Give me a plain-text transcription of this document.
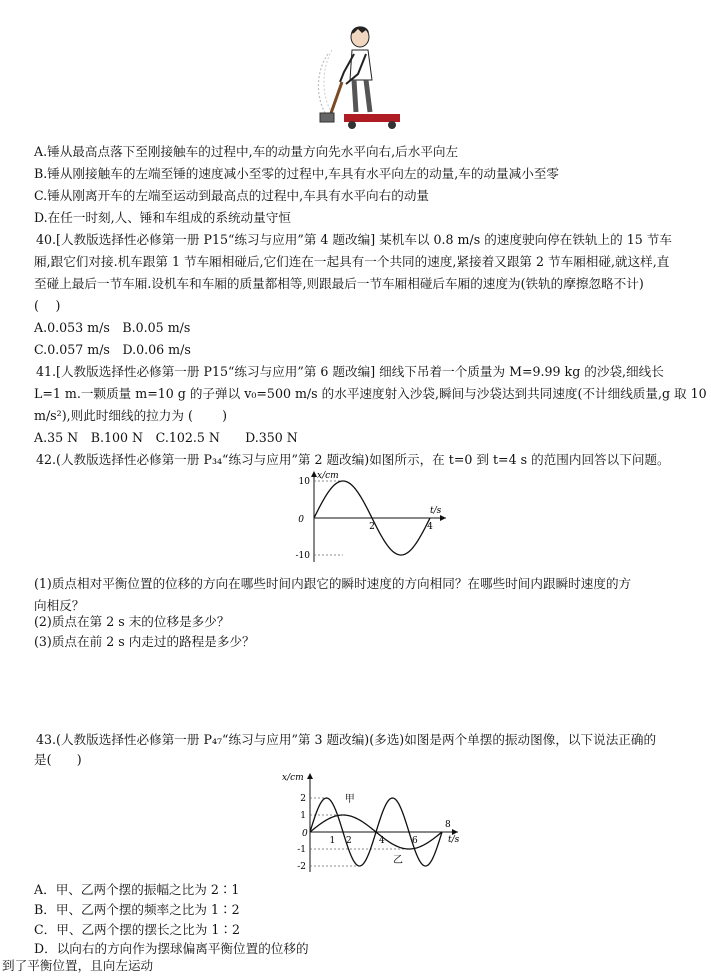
A.锤从最高点落下至刚接触车的过程中,车的动量方向先水平向右,后水平向左
B.锤从刚接触车的左端至锤的速度减小至零的过程中,车具有水平向左的动量,车的动量减小至零
C.锤从刚离开车的左端至运动到最高点的过程中,车具有水平向右的动量
D.在任一时刻,人、锤和车组成的系统动量守恒
40.[人教版选择性必修第一册 P15“练习与应用”第 4 题改编] 某机车以 0.8 m/s 的速度驶向停在铁轨上的 15 节车
厢,跟它们对接.机车跟第 1 节车厢相碰后,它们连在一起具有一个共同的速度,紧接着又跟第 2 节车厢相碰,就这样,直
至碰上最后一节车厢.设机车和车厢的质量都相等,则跟最后一节车厢相碰后车厢的速度为(铁轨的摩擦忽略不计)
(　 )
A.0.053 m/s　B.0.05 m/s
C.0.057 m/s　D.0.06 m/s
41.[人教版选择性必修第一册 P15“练习与应用”第 6 题改编] 细线下吊着一个质量为 M=9.99 kg 的沙袋,细线长
L=1 m.一颗质量 m=10 g 的子弹以 v₀=500 m/s 的水平速度射入沙袋,瞬间与沙袋达到共同速度(不计细线质量,g 取 10
m/s²),则此时细线的拉力为 (　　 )
A.35 N　B.100 N　C.102.5 N　　D.350 N
42.(人教版选择性必修第一册 P₃₄“练习与应用”第 2 题改编)如图所示，在 t=0 到 t=4 s 的范围内回答以下问题。
x/cm
t/s
10
-10
0
2	4
(1)质点相对平衡位置的位移的方向在哪些时间内跟它的瞬时速度的方向相同？在哪些时间内跟瞬时速度的方
向相反？
(2)质点在第 2 s 末的位移是多少？
(3)质点在前 2 s 内走过的路程是多少？
43.(人教版选择性必修第一册 P₄₇“练习与应用”第 3 题改编)(多选)如图是两个单摆的振动图像，以下说法正确的
是(　　)
x/cm
t/s
2
1
-1
-2
0
1 2	4	6
8
甲
乙
A．甲、乙两个摆的振幅之比为 2∶1
B．甲、乙两个摆的频率之比为 1∶2
C．甲、乙两个摆的摆长之比为 1∶2
D．以向右的方向作为摆球偏离平衡位置的位移的
到了平衡位置，且向左运动
